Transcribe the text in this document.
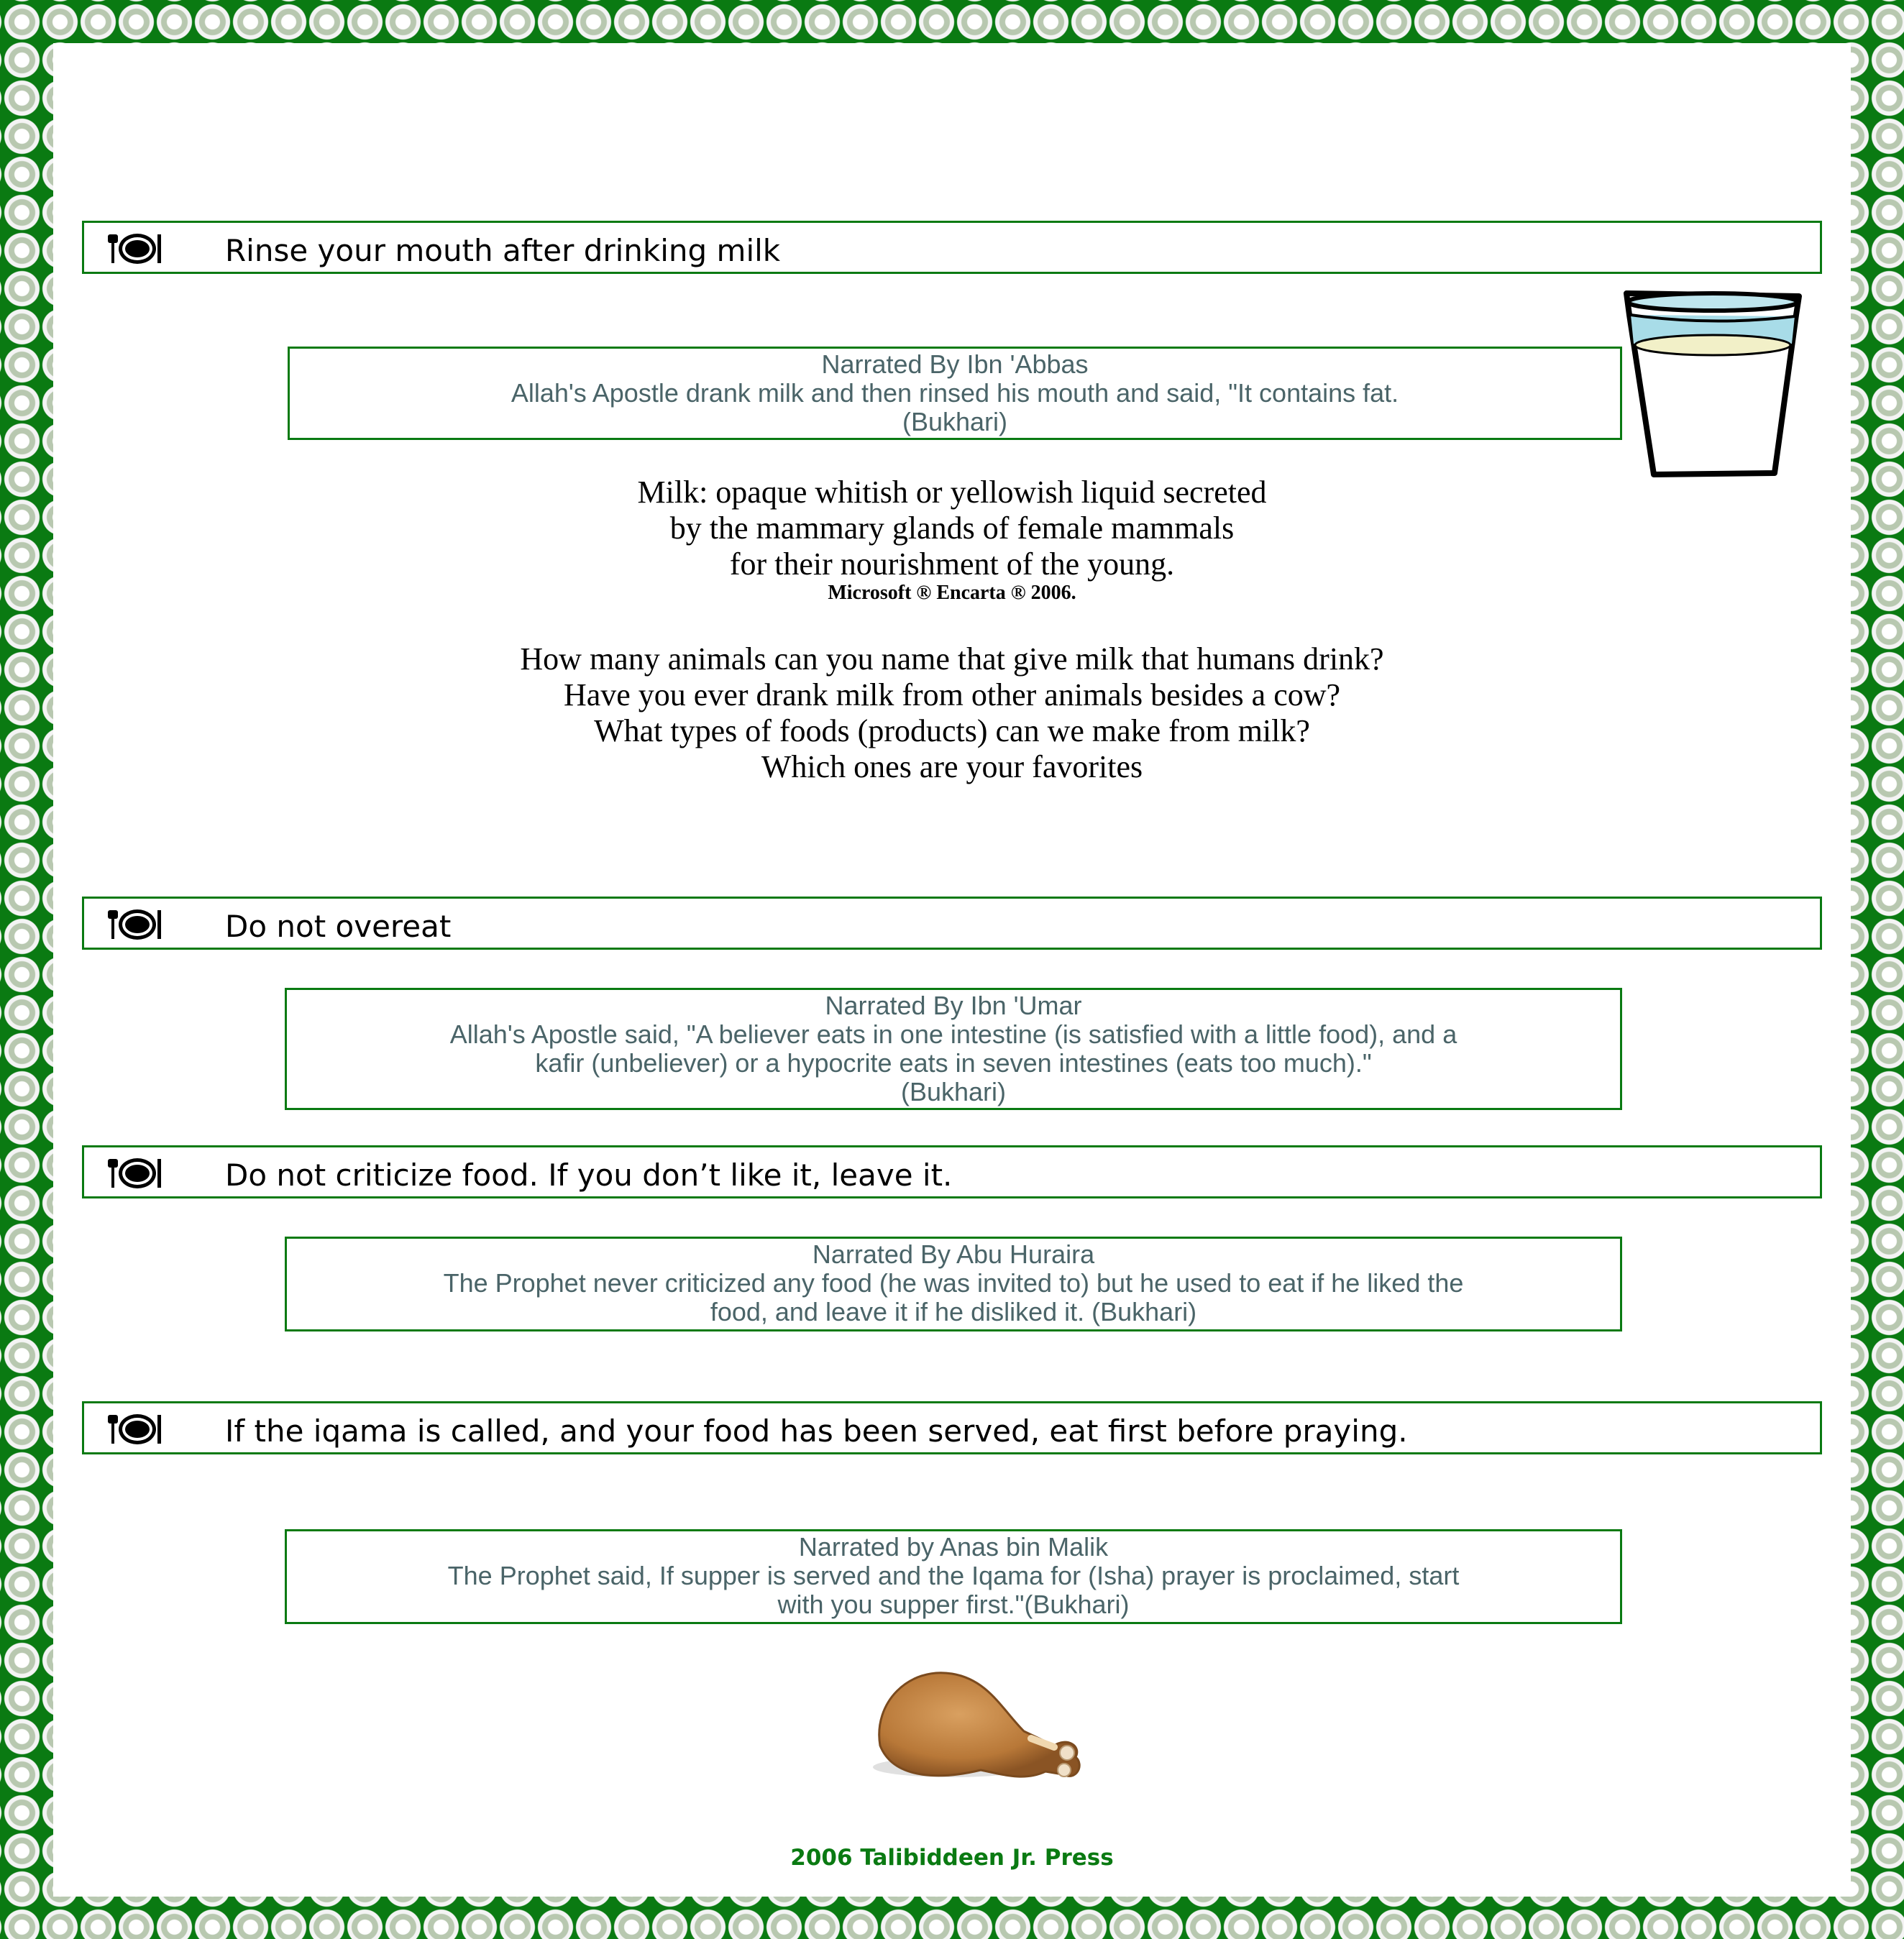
Rinse your mouth after drinking milk
Narrated By Ibn 'Abbas
Allah's Apostle drank milk and then rinsed his mouth and said, "It contains fat.
(Bukhari)
Milk: opaque whitish or yellowish liquid secreted
by the mammary glands of female mammals
for their nourishment of the young.
Microsoft ® Encarta ® 2006.
How many animals can you name that give milk that humans drink?
Have you ever drank milk from other animals besides a cow?
What types of foods (products) can we make from milk?
Which ones are your favorites
Do not overeat
Narrated By Ibn 'Umar
Allah's Apostle said, "A believer eats in one intestine (is satisfied with a little food), and a
kafir (unbeliever) or a hypocrite eats in seven intestines (eats too much)."
(Bukhari)
Do not criticize food. If you don’t like it, leave it.
Narrated By Abu Huraira
The Prophet never criticized any food (he was invited to) but he used to eat if he liked the
food, and leave it if he disliked it. (Bukhari)
If the iqama is called, and your food has been served, eat first before praying.
Narrated by Anas bin Malik
The Prophet said, If supper is served and the Iqama for (Isha) prayer is proclaimed, start
with you supper first."(Bukhari)
2006 Talibiddeen Jr. Press
